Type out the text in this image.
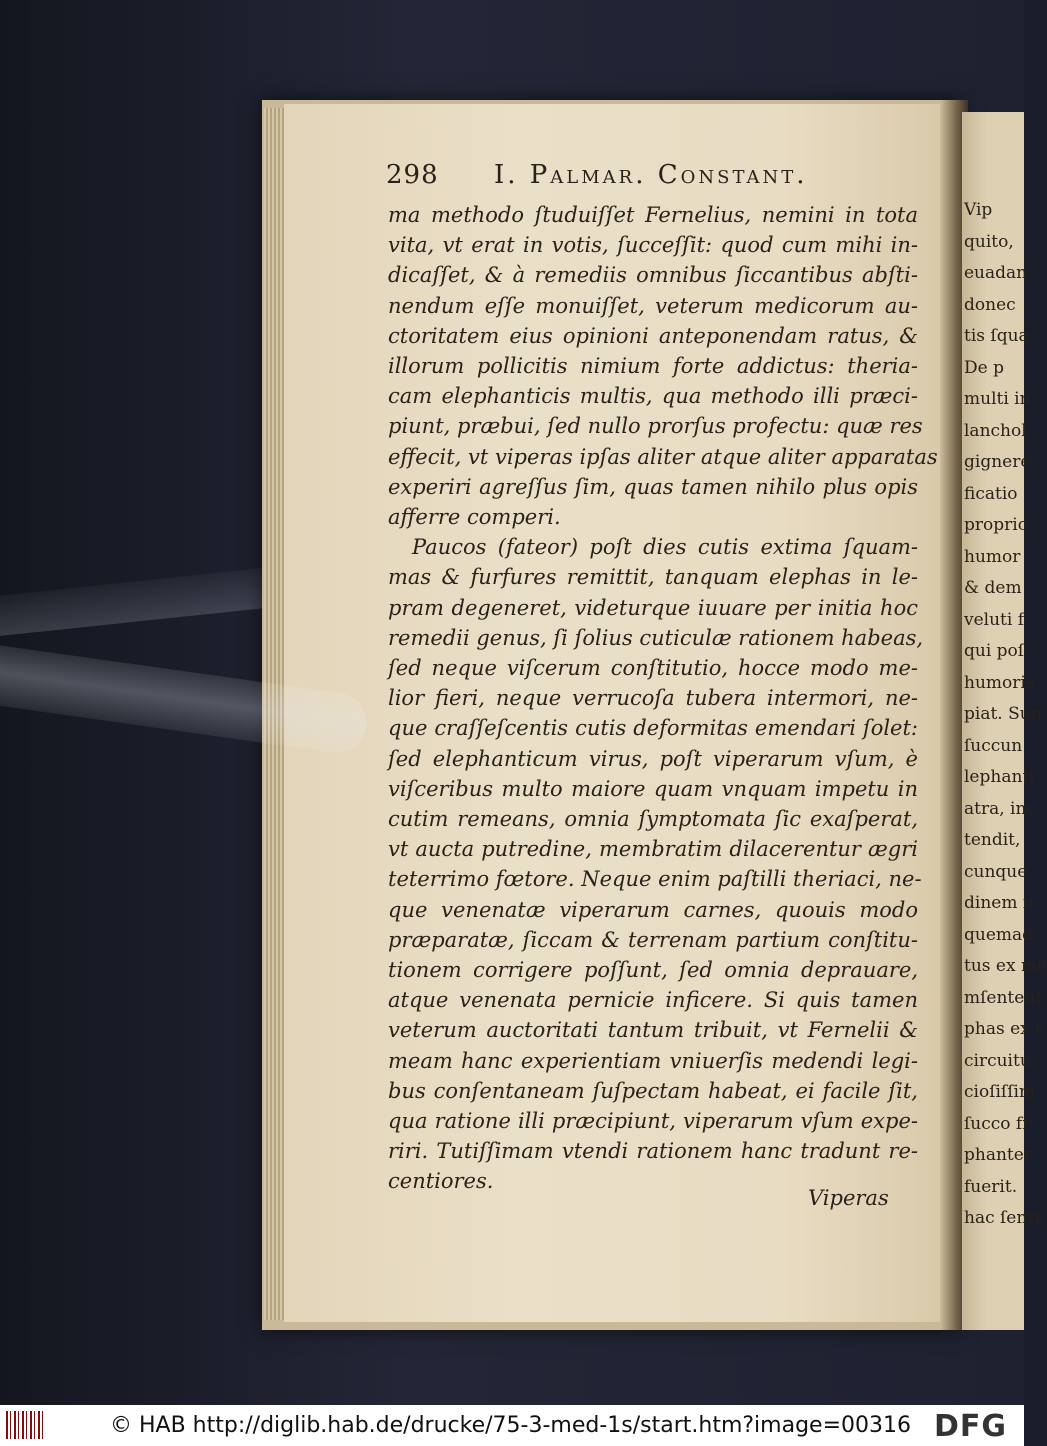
Vip
quito,
euadan
donec
tis ſqua
De p
multi in
lanchol
gignere
ficatio
proprio
humor
& dem
veluti f
qui poſ
humoris
piat. Sun
ſuccun
lephanti
atra, inc
tendit,
cunque
dinem n
quemad
tus ex me
mſentent
phas ex e
circuitu
cioſiſſim
ſucco fr
phanter
fuerit.
hac ſenre
298 I. Palmar. Constant.
ma methodo ſtuduiſſet Fernelius, nemini in tota
vita, vt erat in votis, ſucceſſit: quod cum mihi in-
dicaſſet, & à remediis omnibus ſiccantibus abſti-
nendum eſſe monuiſſet, veterum medicorum au-
ctoritatem eius opinioni anteponendam ratus, &
illorum pollicitis nimium forte addictus: theria-
cam elephanticis multis, qua methodo illi præci-
piunt, præbui, ſed nullo prorſus profectu: quæ res
effecit, vt viperas ipſas aliter atque aliter apparatas
experiri agreſſus ſim, quas tamen nihilo plus opis
afferre comperi.
Paucos (fateor) poſt dies cutis extima ſquam-
mas & furfures remittit, tanquam elephas in le-
pram degeneret, videturque iuuare per initia hoc
remedii genus, ſi ſolius cuticulæ rationem habeas,
ſed neque viſcerum conſtitutio, hocce modo me-
lior fieri, neque verrucoſa tubera intermori, ne-
que craſſeſcentis cutis deformitas emendari ſolet:
ſed elephanticum virus, poſt viperarum vſum, è
viſceribus multo maiore quam vnquam impetu in
cutim remeans, omnia ſymptomata ſic exaſperat,
vt aucta putredine, membratim dilacerentur ægri
teterrimo fœtore. Neque enim paſtilli theriaci, ne-
que venenatæ viperarum carnes, quouis modo
præparatæ, ſiccam & terrenam partium conſtitu-
tionem corrigere poſſunt, ſed omnia deprauare,
atque venenata pernicie inficere. Si quis tamen
veterum auctoritati tantum tribuit, vt Fernelii &
meam hanc experientiam vniuerſis medendi legi-
bus conſentaneam ſuſpectam habeat, ei facile ſit,
qua ratione illi præcipiunt, viperarum vſum expe-
riri. Tutiſſimam vtendi rationem hanc tradunt re-
centiores.
Viperas
© HAB http://diglib.hab.de/drucke/75-3-med-1s/start.htm?image=00316 DFG
